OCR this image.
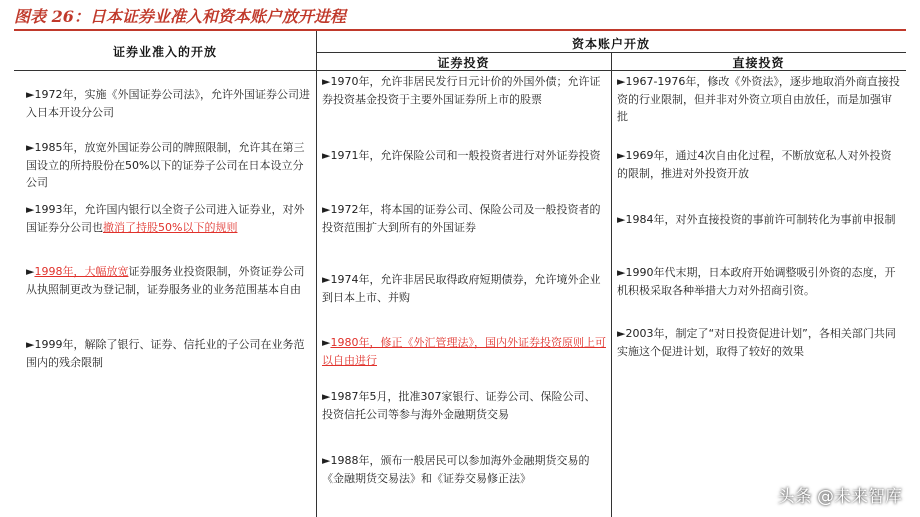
图表 26：日本证券业准入和资本账户放开进程
证券业准入的开放
资本账户开放
证券投资	直接投资
►1972年，实施《外国证券公司法》，允许外国证券公司进入日本开设分公司
►1985年，放宽外国证券公司的牌照限制，允许其在第三国设立的所持股份在50%以下的证券子公司在日本设立分公司
►1993年，允许国内银行以全资子公司进入证券业，对外国证券分公司也撤消了持股50%以下的规则
►1998年，大幅放宽证券服务业投资限制，外资证券公司从执照制更改为登记制，证券服务业的业务范围基本自由
►1999年，解除了银行、证券、信托业的子公司在业务范围内的残余限制
►1970年，允许非居民发行日元计价的外国外债；允许证券投资基金投资于主要外国证券所上市的股票
►1971年，允许保险公司和一般投资者进行对外证券投资
►1972年，将本国的证券公司、保险公司及一般投资者的投资范围扩大到所有的外国证券
►1974年，允许非居民取得政府短期债券，允许境外企业到日本上市、并购
►1980年，修正《外汇管理法》，国内外证券投资原则上可以自由进行
►1987年5月，批准307家银行、证券公司、保险公司、投资信托公司等参与海外金融期货交易
►1988年，颁布一般居民可以参加海外金融期货交易的《金融期货交易法》和《证券交易修正法》
►1967-1976年，修改《外资法》，逐步地取消外商直接投资的行业限制，但并非对外资立项自由放任，而是加强审批
►1969年，通过4次自由化过程，不断放宽私人对外投资的限制，推进对外投资开放
►1984年，对外直接投资的事前许可制转化为事前申报制
►1990年代末期，日本政府开始调整吸引外资的态度，开机积极采取各种举措大力对外招商引资。
►2003年，制定了“对日投资促进计划”，各相关部门共同实施这个促进计划，取得了较好的效果
头条 @未来智库
